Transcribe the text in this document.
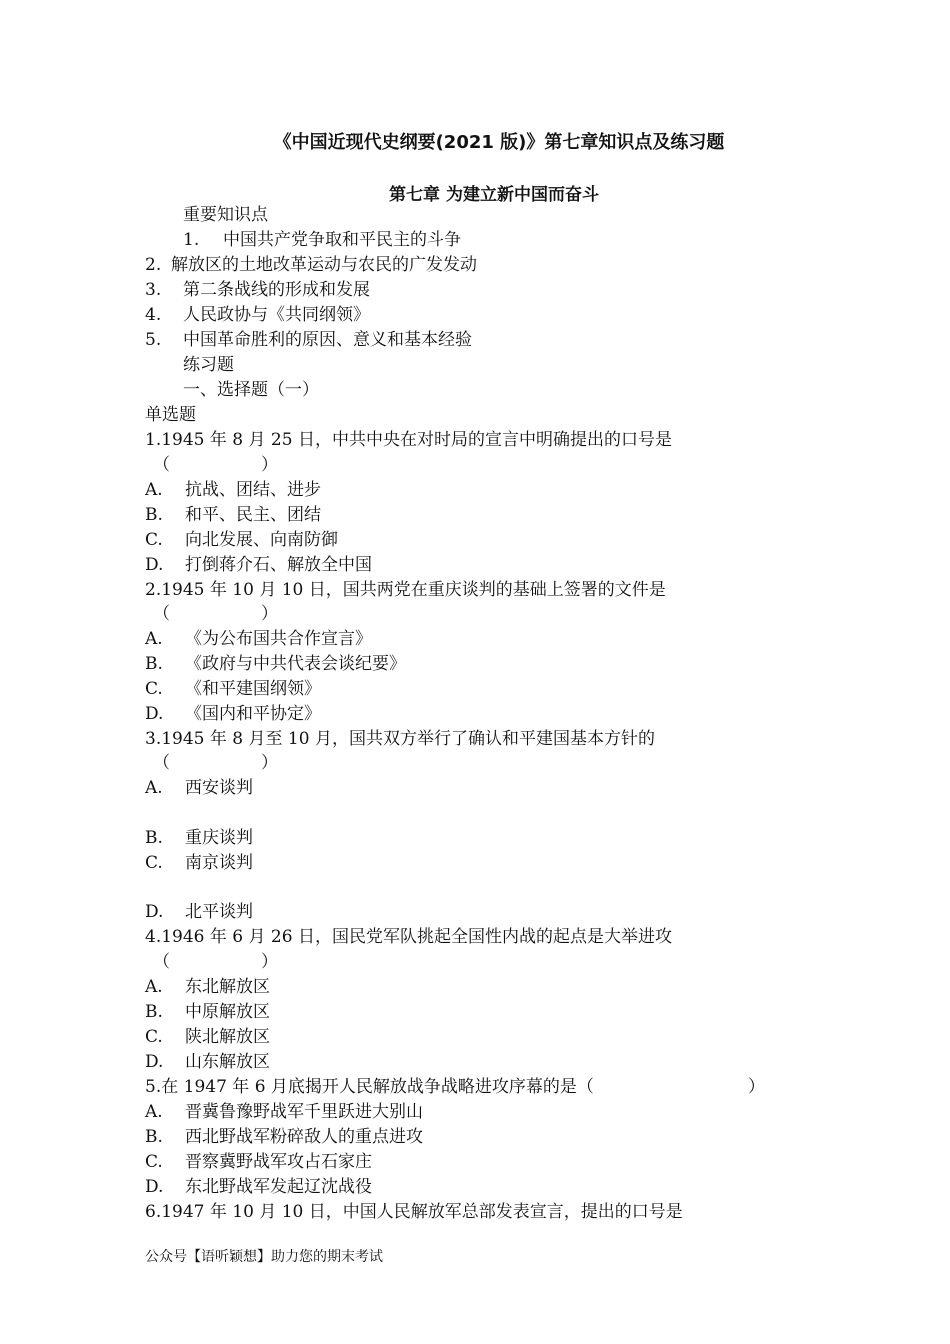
《中国近现代史纲要(2021 版)》第七章知识点及练习题
第七章 为建立新中国而奋斗
重要知识点
1. 中国共产党争取和平民主的斗争
2. 解放区的土地改革运动与农民的广发发动
3. 第二条战线的形成和发展
4. 人民政协与《共同纲领》
5. 中国革命胜利的原因、意义和基本经验
练习题
一、选择题（一）
单选题
1.1945 年 8 月 25 日，中共中央在对时局的宣言中明确提出的口号是
（	）
A. 抗战、团结、进步
B. 和平、民主、团结
C. 向北发展、向南防御
D. 打倒蒋介石、解放全中国
2.1945 年 10 月 10 日，国共两党在重庆谈判的基础上签署的文件是
（	）
A. 《为公布国共合作宣言》
B. 《政府与中共代表会谈纪要》
C. 《和平建国纲领》
D. 《国内和平协定》
3.1945 年 8 月至 10 月，国共双方举行了确认和平建国基本方针的
（	）
A. 西安谈判
B. 重庆谈判
C. 南京谈判
D. 北平谈判
4.1946 年 6 月 26 日，国民党军队挑起全国性内战的起点是大举进攻
（	）
A. 东北解放区
B. 中原解放区
C. 陕北解放区
D. 山东解放区
5.在 1947 年 6 月底揭开人民解放战争战略进攻序幕的是（	）
A. 晋冀鲁豫野战军千里跃进大别山
B. 西北野战军粉碎敌人的重点进攻
C. 晋察冀野战军攻占石家庄
D. 东北野战军发起辽沈战役
6.1947 年 10 月 10 日，中国人民解放军总部发表宣言，提出的口号是
公众号【语听颖想】助力您的期末考试
